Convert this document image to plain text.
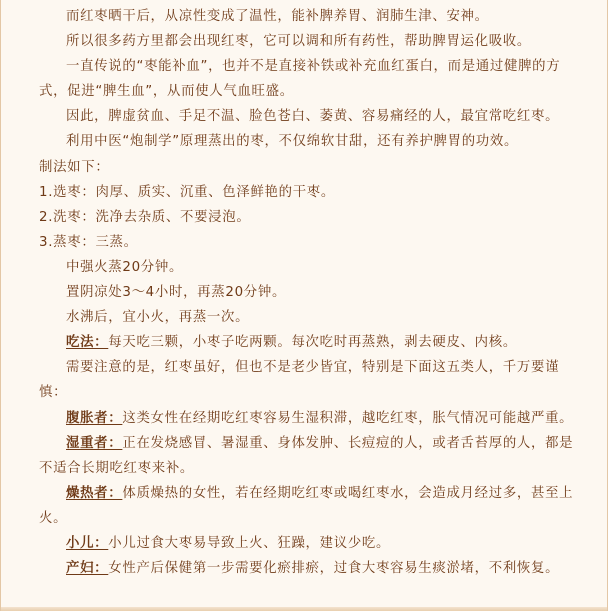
而红枣晒干后，从凉性变成了温性，能补脾养胃、润肺生津、安神。

所以很多药方里都会出现红枣，它可以调和所有药性，帮助脾胃运化吸收。

一直传说的“枣能补血”，也并不是直接补铁或补充血红蛋白，而是通过健脾的方式，促进“脾生血”，从而使人气血旺盛。

因此，脾虚贫血、手足不温、脸色苍白、萎黄、容易痛经的人，最宜常吃红枣。

利用中医“炮制学”原理蒸出的枣，不仅绵软甘甜，还有养护脾胃的功效。

制法如下：

1.选枣：肉厚、质实、沉重、色泽鲜艳的干枣。

2.洗枣：洗净去杂质、不要浸泡。

3.蒸枣：三蒸。

中强火蒸20分钟。

置阴凉处3～4小时，再蒸20分钟。

水沸后，宜小火，再蒸一次。

吃法：每天吃三颗，小枣子吃两颗。每次吃时再蒸熟，剥去硬皮、内核。

需要注意的是，红枣虽好，但也不是老少皆宜，特别是下面这五类人，千万要谨慎：

腹胀者：这类女性在经期吃红枣容易生湿积滞，越吃红枣，胀气情况可能越严重。

湿重者：正在发烧感冒、暑湿重、身体发肿、长痘痘的人，或者舌苔厚的人，都是不适合长期吃红枣来补。

燥热者：体质燥热的女性，若在经期吃红枣或喝红枣水，会造成月经过多，甚至上火。

小儿：小儿过食大枣易导致上火、狂躁，建议少吃。

产妇：女性产后保健第一步需要化瘀排瘀，过食大枣容易生痰淤堵，不利恢复。
